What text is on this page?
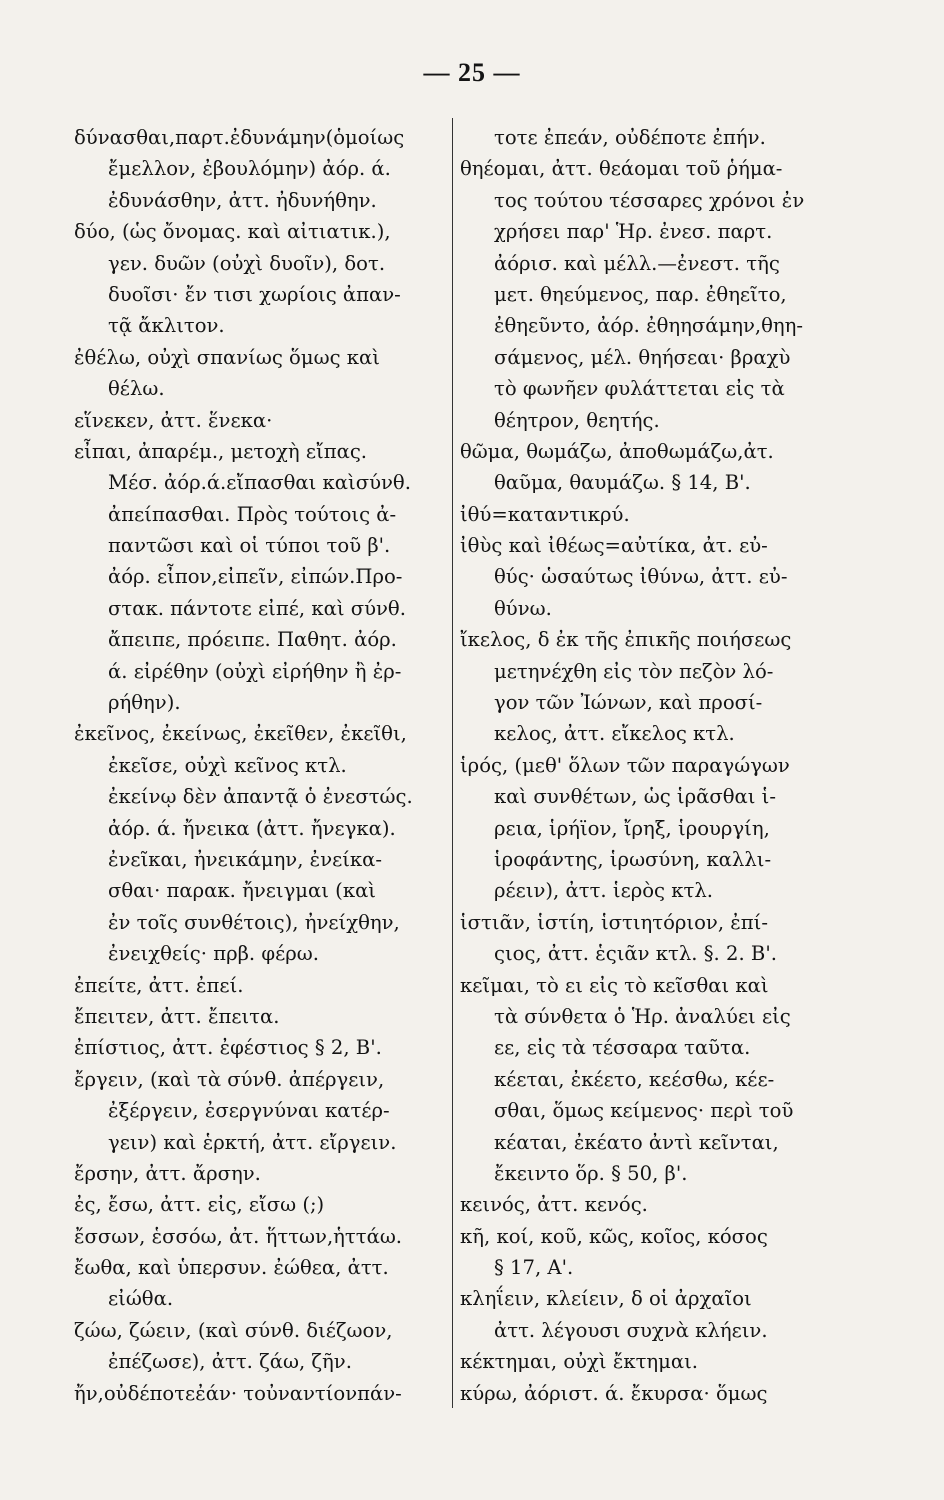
— 25 —
δύνασθαι,παρτ.ἐδυνάμην(ὁμοίως
ἔμελλον, ἐβουλόμην) ἀόρ. ά.
ἐδυνάσθην, ἀττ. ἠδυνήθην.
δύο, (ὡς ὄνομας. καὶ αἰτιατικ.),
γεν. δυῶν (οὐχὶ δυοῖν), δοτ.
δυοῖσι· ἔν τισι χωρίοις ἀπαν-
τᾷ ἄκλιτον.
ἐθέλω, οὐχὶ σπανίως ὅμως καὶ
θέλω.
εἵνεκεν, ἀττ. ἕνεκα·
εἶπαι, ἀπαρέμ., μετοχὴ εἴπας.
Μέσ. ἀόρ.ά.εἴπασθαι καὶσύνθ.
ἀπείπασθαι. Πρὸς τούτοις ἀ-
παντῶσι καὶ οἱ τύποι τοῦ β'.
ἀόρ. εἶπον,εἰπεῖν, εἰπών.Προ-
στακ. πάντοτε εἰπέ, καὶ σύνθ.
ἄπειπε, πρόειπε. Παθητ. ἀόρ.
ά. εἰρέθην (οὐχὶ εἰρήθην ἢ ἐρ-
ρήθην).
ἐκεῖνος, ἐκείνως, ἐκεῖθεν, ἐκεῖθι,
ἐκεῖσε, οὐχὶ κεῖνος κτλ.
ἐκείνῳ δὲν ἀπαντᾷ ὁ ἐνεστώς.
ἀόρ. ά. ἤνεικα (ἀττ. ἤνεγκα).
ἐνεῖκαι, ἠνεικάμην, ἐνείκα-
σθαι· παρακ. ἤνειγμαι (καὶ
ἐν τοῖς συνθέτοις), ἠνείχθην,
ἐνειχθείς· πρβ. φέρω.
ἐπείτε, ἀττ. ἐπεί.
ἔπειτεν, ἀττ. ἔπειτα.
ἐπίστιος, ἀττ. ἐφέστιος § 2, Β'.
ἔργειν, (καὶ τὰ σύνθ. ἀπέργειν,
ἐξέργειν, ἐσεργνύναι κατέρ-
γειν) καὶ ἑρκτή, ἀττ. εἴργειν.
ἔρσην, ἀττ. ἄρσην.
ἐς, ἔσω, ἀττ. εἰς, εἴσω (;)
ἔσσων, ἑσσόω, ἀτ. ἥττων,ἡττάω.
ἔωθα, καὶ ὑπερσυν. ἐώθεα, ἀττ.
εἰώθα.
ζώω, ζώειν, (καὶ σύνθ. διέζωον,
ἐπέζωσε), ἀττ. ζάω, ζῆν.
ἤν,οὐδέποτεἐάν· τοὐναντίονπάν-
τοτε ἐπεάν, οὐδέποτε ἐπήν.
θηέομαι, ἀττ. θεάομαι τοῦ ῥήμα-
τος τούτου τέσσαρες χρόνοι ἐν
χρήσει παρ' Ἡρ. ἐνεσ. παρτ.
ἀόρισ. καὶ μέλλ.—ἐνεστ. τῆς
μετ. θηεύμενος, παρ. ἐθηεῖτο,
ἐθηεῦντο, ἀόρ. ἐθηησάμην,θηη-
σάμενος, μέλ. θηήσεαι· βραχὺ
τὸ φωνῆεν φυλάττεται εἰς τὰ
θέητρον, θεητής.
θῶμα, θωμάζω, ἀποθωμάζω,ἀτ.
θαῦμα, θαυμάζω. § 14, Β'.
ἰθύ=καταντικρύ.
ἰθὺς καὶ ἰθέως=αὐτίκα, ἀτ. εὐ-
θύς· ὡσαύτως ἰθύνω, ἀττ. εὐ-
θύνω.
ἴκελος, δ ἐκ τῆς ἐπικῆς ποιήσεως
μετηνέχθη εἰς τὸν πεζὸν λό-
γον τῶν Ἰώνων, καὶ προσί-
κελος, ἀττ. εἴκελος κτλ.
ἱρός, (μεθ' ὅλων τῶν παραγώγων
καὶ συνθέτων, ὡς ἱρᾶσθαι ἱ-
ρεια, ἱρήϊον, ἴρηξ, ἱρουργίη,
ἱροφάντης, ἱρωσύνη, καλλι-
ρέειν), ἀττ. ἱερὸς κτλ.
ἱστιᾶν, ἱστίη, ἱστιητόριον, ἐπί-
ςιος, ἀττ. ἑςιᾶν κτλ. §. 2. Β'.
κεῖμαι, τὸ ει εἰς τὸ κεῖσθαι καὶ
τὰ σύνθετα ὁ Ἡρ. ἀναλύει εἰς
εε, εἰς τὰ τέσσαρα ταῦτα.
κέεται, ἐκέετο, κεέσθω, κέε-
σθαι, ὅμως κείμενος· περὶ τοῦ
κέαται, ἐκέατο ἀντὶ κεῖνται,
ἔκειντο ὅρ. § 50, β'.
κεινός, ἀττ. κενός.
κῆ, κοί, κοῦ, κῶς, κοῖος, κόσος
§ 17, Α'.
κληΐειν, κλείειν, δ οἱ ἀρχαῖοι
ἀττ. λέγουσι συχνὰ κλήειν.
κέκτημαι, οὐχὶ ἔκτημαι.
κύρω, ἀόριστ. ά. ἔκυρσα· ὅμως
